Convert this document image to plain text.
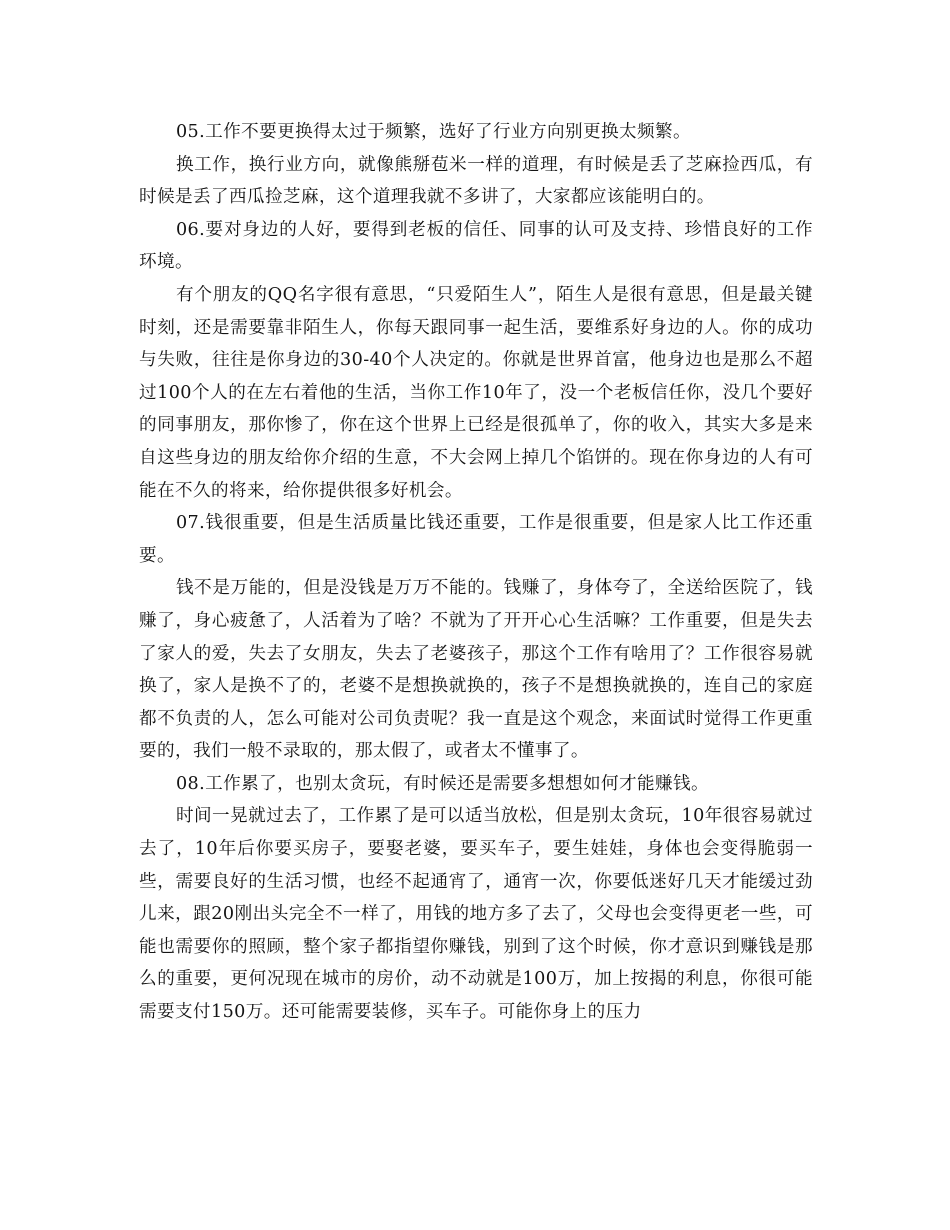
05.工作不要更换得太过于频繁，选好了行业方向别更换太频繁。

换工作，换行业方向，就像熊掰苞米一样的道理，有时候是丢了芝麻捡西瓜，有时候是丢了西瓜捡芝麻，这个道理我就不多讲了，大家都应该能明白的。

06.要对身边的人好，要得到老板的信任、同事的认可及支持、珍惜良好的工作环境。

有个朋友的QQ名字很有意思，“只爱陌生人”，陌生人是很有意思，但是最关键时刻，还是需要靠非陌生人，你每天跟同事一起生活，要维系好身边的人。你的成功与失败，往往是你身边的30-40个人决定的。你就是世界首富，他身边也是那么不超过100个人的在左右着他的生活，当你工作10年了，没一个老板信任你，没几个要好的同事朋友，那你惨了，你在这个世界上已经是很孤单了，你的收入，其实大多是来自这些身边的朋友给你介绍的生意，不大会网上掉几个馅饼的。现在你身边的人有可能在不久的将来，给你提供很多好机会。

07.钱很重要，但是生活质量比钱还重要，工作是很重要，但是家人比工作还重要。

钱不是万能的，但是没钱是万万不能的。钱赚了，身体夸了，全送给医院了，钱赚了，身心疲惫了，人活着为了啥？不就为了开开心心生活嘛？工作重要，但是失去了家人的爱，失去了女朋友，失去了老婆孩子，那这个工作有啥用了？工作很容易就换了，家人是换不了的，老婆不是想换就换的，孩子不是想换就换的，连自己的家庭都不负责的人，怎么可能对公司负责呢？我一直是这个观念，来面试时觉得工作更重要的，我们一般不录取的，那太假了，或者太不懂事了。

08.工作累了，也别太贪玩，有时候还是需要多想想如何才能赚钱。

时间一晃就过去了，工作累了是可以适当放松，但是别太贪玩，10年很容易就过去了，10年后你要买房子，要娶老婆，要买车子，要生娃娃，身体也会变得脆弱一些，需要良好的生活习惯，也经不起通宵了，通宵一次，你要低迷好几天才能缓过劲儿来，跟20刚出头完全不一样了，用钱的地方多了去了，父母也会变得更老一些，可能也需要你的照顾，整个家子都指望你赚钱，别到了这个时候，你才意识到赚钱是那么的重要，更何况现在城市的房价，动不动就是100万，加上按揭的利息，你很可能需要支付150万。还可能需要装修，买车子。可能你身上的压力
